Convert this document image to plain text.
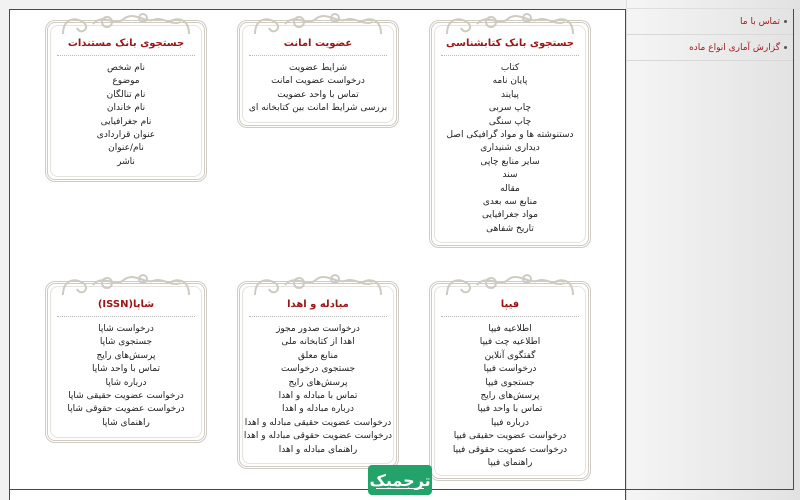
تماس با ما
گزارش آماری انواع ماده
جستجوی بانک کتابشناسی
کتاب
پایان نامه
پیایند
چاپ سربی
چاپ سنگی
دستنوشته ها و مواد گرافیکی اصل
دیداری شنیداری
سایر منابع چاپی
سند
مقاله
منابع سه بعدی
مواد جغرافیایی
تاریخ شفاهی
عضویت امانت
شرایط عضویت
درخواست عضویت امانت
تماس با واحد عضویت
بررسی شرایط امانت بین کتابخانه ای
جستجوی بانک مستندات
نام شخص
موضوع
نام تنالگان
نام خاندان
نام جغرافیایی
عنوان قراردادی
نام/عنوان
ناشر
فیپا
اطلاعیه فیپا
اطلاعیه چت فیپا
گفتگوی آنلاین
درخواست فیپا
جستجوی فیپا
پرسش‌های رایج
تماس با واحد فیپا
درباره فیپا
درخواست عضویت حقیقی فیپا
درخواست عضویت حقوقی فیپا
راهنمای فیپا
مبادله و اهدا
درخواست صدور مجوز
اهدا از کتابخانه ملی
منابع معلق
جستجوی درخواست
پرسش‌های رایج
تماس با مبادله و اهدا
درباره مبادله و اهدا
درخواست عضویت حقیقی مبادله و اهدا
درخواست عضویت حقوقی مبادله و اهدا
راهنمای مبادله و اهدا
شاپا(ISSN)
درخواست شاپا
جستجوی شاپا
پرسش‌های رایج
تماس با واحد شاپا
درباره شاپا
درخواست عضویت حقیقی شاپا
درخواست عضویت حقوقی شاپا
راهنمای شاپا
ترجمیک
